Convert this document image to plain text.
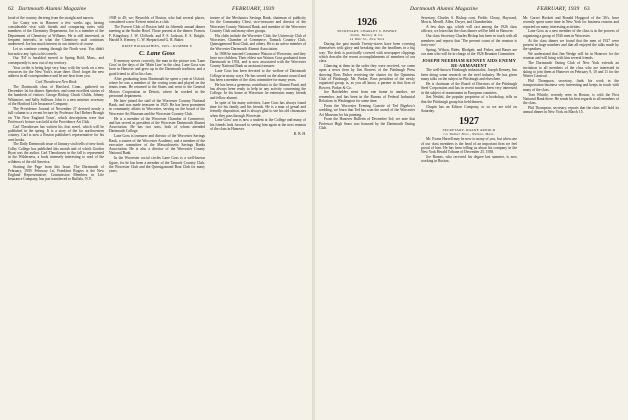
62 Dartmouth Alumni Magazine	FEBRUARY, 1939

hood of the country deriving from the straight and narrow.

Joe Canty was in Hanover a few weeks ago, having considerable visit with friends and comparing notes with members of the Chemistry Department. Joe is a member of the Department of Chemistry at Williams. He is still interested, at frequent intervals, in what the Chemistry staff continues undeterred. Joe has much interest in our interest of course.

Let us continue coming through the North west. You didn't but notice any 'opts to his travels.

Our 'Ed' is heralded moved to Spring Bold, Mass., and consequently is now out of my territory.

Your scribe is being kept very busy with his work on a new resources for the New York's issue there. Don't forget the new address in all correspondence and let me hear from you.

Carl Theodorsen New Book

The Dartmouth class of Hartford, Conn., gathered on December 1st for dinner. Speeches, and some excellent stories of the hundreds of visitors. George Bishop, Chuck Childs, Johnny Whitmore, and Sally Sullivan. John is a new minister secretary of the Hartford Life Insurance Company.

The Providence Journal of November 27 devoted nearly a full column to a recent lecture by Professor Earl Robert Brough on 'The New England Town', which descriptions were that Professor's lecture was held at the Providence Art Club.

Carl Theodorsen has written his first novel, which will be published in the spring. It is a story of the far northwestern country. Carl is now a Boston publisher's representative for his own books.

The Daily Dartmouth issue of January sixth tells of new book Colby College has published this month and of which Gordon Ryan was the author. Carl Theodorsen in the fall is represented in the Wilderness, a book intensely interesting to read of the wildness of the old America.

Starting the Page from this Issue. The Dartmouth of February, 1939. February 1st, Frankfurt Rogers is the New England Representative, Commission Members in Life Insurance Company, has just transferred to Buffalo, N.Y.

1938 to 40; we; Reynolds of Boston, who had several places, considered a new Everett mind as a club.

The Everett Club of Boston held its fifteenth annual dinner meeting at the Statler Hotel. Those present at the dinner: Francis F. Kingsbury, J. W. Cliffords, and F. S. Jackson, E. S. Knight, Harold S. Kenney, C. W. Shepard and G. R. Baker.

BRIEF BIOGRAPHIES, 1905—NUMBER 8
C. Lane Goss

If memory serves correctly, the man in the picture was 'Lane Goss' in the days of the 'Main Line' in the class. Lane Goss was born in Hanover and grew up in the Dartmouth tradition, and a good friend to all in his class.

After graduating from Dartmouth he spent a year at Oxford, where he was a member of the rowing team and played on the tennis team. He returned to the States and went to the General Motors Corporation in Detroit, where he worked in the personnel department.

He later joined the staff of the Worcester Country National Bank, and was made treasurer in 1925. He has been prominent in community affairs in Worcester, serving on the board of the Worcester Art Museum and the Worcester Country Club.

He is a member of the Worcester Chamber of Commerce, and has served as president of the Worcester Dartmouth Alumni Association. He has two sons, both of whom attended Dartmouth College.

Lane Goss is treasurer and director of the Worcester Savings Bank, a trustee of the Worcester Academy, and a member of the executive committee of the Massachusetts Savings Banks Association. He is also a director of the Worcester County National Bank.

In the Worcester social circles Lane Goss is a well-known figure, for he has been a member of the Tatnuck Country Club, the Worcester Club and the Quinsigamond Boat Club for many years.

trustee of the Mechanics Savings Bank, chairman of publicity for the Community Chest, vice-treasurer and director of the Worcester County National Bank, and member of the Worcester Country Club and many other groups.

His clubs include the Worcester Club, the University Club of Worcester, Chamber of Commerce, Tatnuck Country Club, Quinsigamond Boat Club, and others. He is an active member of the Worcester Dartmouth Alumni Association.

In 1908 he married Constance Watson of Worcester, and they have two children. Their eldest son Watson Goss graduated from Dartmouth in 1933, and is now associated with the Worcester County National Bank as assistant treasurer.

Lane Goss has been devoted to the welfare of Dartmouth College in many ways. He has served on the alumni council and has been a member of the class committee for many years.

He has been a generous contributor to the Alumni Fund, and has always been ready to help in any activity concerning the College. In his home at Worcester he entertains many friends and fellow alumni.

In spite of his many activities, Lane Goss has always found time for his family and his friends. He is a man of genial and friendly disposition, and is always glad to see his old classmates when they pass through Worcester.

Lane Goss' son is now a student at the College and many of his friends look forward to seeing him again at the next reunion of the class in Hanover.

R. B. H.
Dartmouth Alumni Magazine	FEBRUARY, 1939 63
1926
SECRETARY, CHARLES S. BISHOP
Smith, Barney & Co.
14 Wall St., New York

During the past month Twenty-sixers have been covering themselves with glory and breaking into the headlines in a big way. The desk is practically covered with newspaper clippings which describe the recent accomplishments of members of our class.

Glancing at them in the order they were received, we come upon a news item by Jim Bowers of the Pittsburgh Press showing Ross Parker receiving the charter for the Optimists Club of Pittsburgh. Mr. Parker, Ross president of the newly organized group, is, as you all know, a partner in that firm of Bowers, Parker & Co.

Joe Batchelder went from one home to another, we remember, and has been in the Bureau of Federal Industrial Relations in Washington for some time.

From the Worcester Evening Gazette of Ted Bigelow's wedding, we learn that Ted has won the award of the Worcester Art Museum for his painting.

From the Hanover Bulletin of December 3rd, we note that Professor High Sears was honored by the Dartmouth Outing Club.

Secretary, Charles S. Bishop cont. Fields: Cleary, Hayward, Morris, Merrill, Allen, Dwyer, and Chamberlain.

A few days ago, which will cast among the 1926 class officers, we learn that the class dinner will be held in Hanover.

Our class Secretary Charles Bishop has been in touch with all members and reports that 'The present count of the reunion is forty-one.'

Spring, Wilson, Rider, Blodgett, and Fisher, and Bauer are our men who will be in charge of the 1926 Reunion Committee.

JOSEPH NEEDHAM KENNEY AIDS ENEMY RE-ARMAMENT

The well-known Pittsburgh industrialist, Joseph Kenney, has been doing some research on the steel industry. He has given many talks on the subject in Pittsburgh and elsewhere.

He is chairman of the Board of Directors of the Pittsburgh Steel Corporation and has in recent months been very interested in the subject of rearmament in European countries.

Jim Nesbitt, the popular proprietor of a bookshop, tells us that the Pittsburgh group has held dinners.

Chapin has an Edison Company, or so we are told on Saturday.

1927
SECRETARY, DOANE ARNOLD
c/o Walker Bros., Walton, Mass.

Mr. Evans Harrell may be new to many of you, but when one of our class members is the head of an important firm we feel proud of him. He has been telling us about his company in the New York Herald Tribune of December 25, 1938.

Joe Barnes, who received his degree last summer, is now working in Boston.

Mr. Garret Hackett and Ronald Hopgood of the '26's, have recently spent some time in New York for business reasons and reported on many interesting activities.

Lane Goss as a new member of the class is in the process of organizing a group of 1926 men in Worcester.

At the class dinner we found that the men of 1927 were present in large numbers and that all enjoyed the talks made by the speakers.

We understand that Jim Wedge will be in Hanover for the reunion and will bring with him several friends.

The Dartmouth Outing Club of New York extends an invitation to all members of the class who are interested in skiing to join them at Hanover on February 9, 10 and 11 for the Winter Carnival.

Phil Thompson, secretary, finds his work in the transportation business very interesting and keeps in touch with many of the class.

Tom Whittle, recently seen in Boston, is with the First National Bank there. He sends his best regards to all members of the class.

Phil Thompson, secretary, reports that the class will hold its annual dinner in New York on March 15.
